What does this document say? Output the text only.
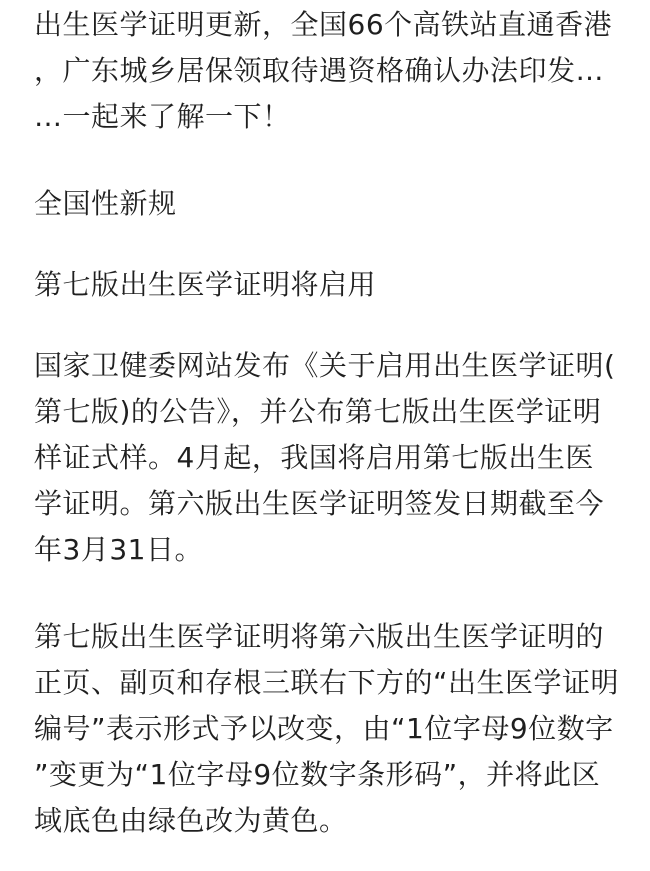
出生医学证明更新，全国66个高铁站直通香港，广东城乡居保领取待遇资格确认办法印发……一起来了解一下！

全国性新规

第七版出生医学证明将启用

国家卫健委网站发布《关于启用出生医学证明(第七版)的公告》，并公布第七版出生医学证明样证式样。4月起，我国将启用第七版出生医学证明。第六版出生医学证明签发日期截至今年3月31日。

第七版出生医学证明将第六版出生医学证明的正页、副页和存根三联右下方的“出生医学证明编号”表示形式予以改变，由“1位字母9位数字”变更为“1位字母9位数字条形码”，并将此区域底色由绿色改为黄色。
